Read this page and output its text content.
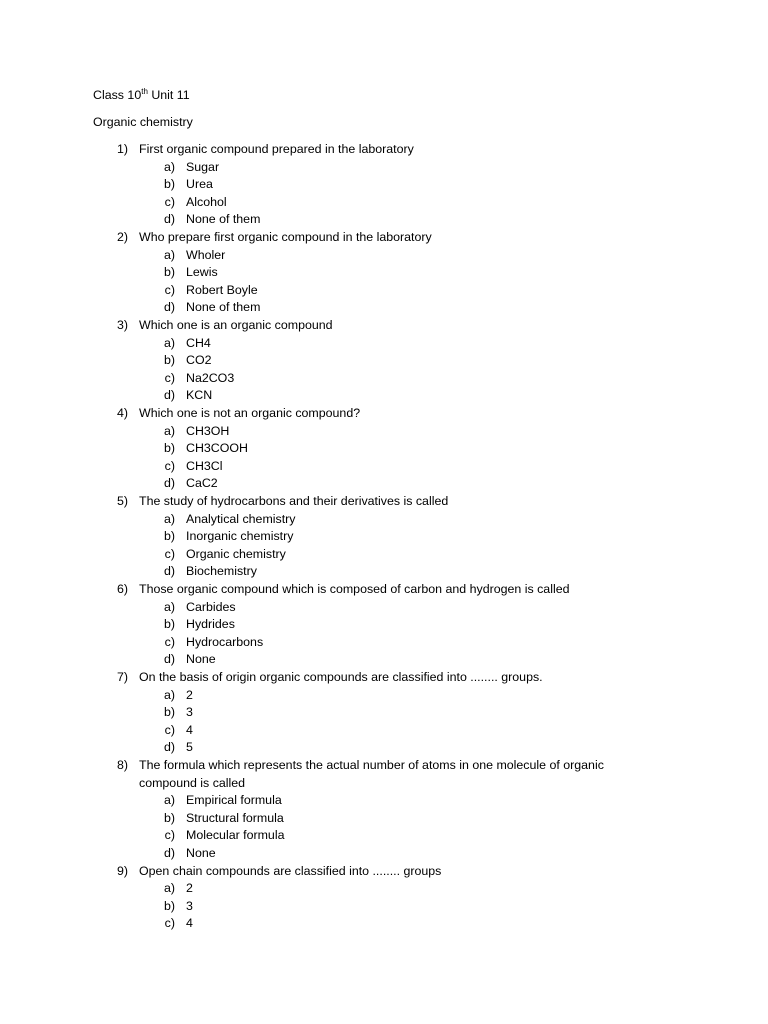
Class 10th Unit 11
Organic chemistry
1) First organic compound prepared in the laboratory
a) Sugar
b) Urea
c) Alcohol
d) None of them
2) Who prepare first organic compound in the laboratory
a) Wholer
b) Lewis
c) Robert Boyle
d) None of them
3) Which one is an organic compound
a) CH4
b) CO2
c) Na2CO3
d) KCN
4) Which one is not an organic compound?
a) CH3OH
b) CH3COOH
c) CH3Cl
d) CaC2
5) The study of hydrocarbons and their derivatives is called
a) Analytical chemistry
b) Inorganic chemistry
c) Organic chemistry
d) Biochemistry
6) Those organic compound which is composed of carbon and hydrogen is called
a) Carbides
b) Hydrides
c) Hydrocarbons
d) None
7) On the basis of origin organic compounds are classified into ........ groups.
a) 2
b) 3
c) 4
d) 5
8) The formula which represents the actual number of atoms in one molecule of organic
compound is called
a) Empirical formula
b) Structural formula
c) Molecular formula
d) None
9) Open chain compounds are classified into ........ groups
a) 2
b) 3
c) 4
